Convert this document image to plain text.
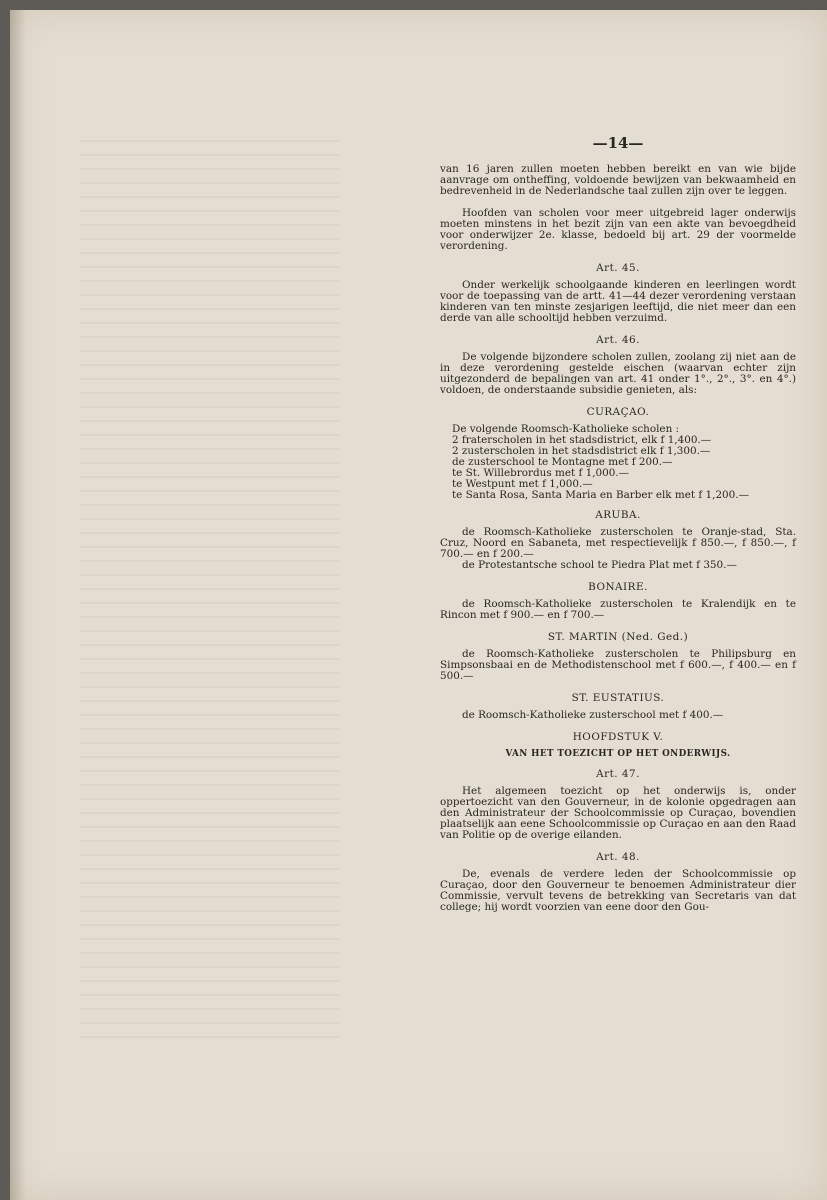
—14—

van 16 jaren zullen moeten hebben bereikt en van wie bijde aanvrage om ontheffing, voldoende bewijzen van bekwaamheid en bedrevenheid in de Nederlandsche taal zullen zijn over te leggen.

Hoofden van scholen voor meer uitgebreid lager onderwijs moeten minstens in het bezit zijn van een akte van bevoegdheid voor onderwijzer 2e. klasse, bedoeld bij art. 29 der voormelde verordening.

Art. 45.

Onder werkelijk schoolgaande kinderen en leerlingen wordt voor de toepassing van de artt. 41—44 dezer verordening verstaan kinderen van ten minste zesjarigen leeftijd, die niet meer dan een derde van alle schooltijd hebben verzuimd.

Art. 46.

De volgende bijzondere scholen zullen, zoolang zij niet aan de in deze verordening gestelde eischen (waarvan echter zijn uitgezonderd de bepalingen van art. 41 onder 1°., 2°., 3°. en 4°.) voldoen, de onderstaande subsidie genieten, als:

CURAÇAO.
De volgende Roomsch-Katholieke scholen :
2 fraterscholen in het stadsdistrict, elk f 1,400.—
2 zusterscholen in het stadsdistrict elk f 1,300.—
de zusterschool te Montagne met f 200.—
te St. Willebrordus met f 1,000.—
te Westpunt met f 1,000.—
te Santa Rosa, Santa Maria en Barber elk met f 1,200.—
ARUBA.

de Roomsch-Katholieke zusterscholen te Oranje-stad, Sta. Cruz, Noord en Sabaneta, met respectievelijk f 850.—, f 850.—, f 700.— en f 200.—

de Protestantsche school te Piedra Plat met f 350.—

BONAIRE.

de Roomsch-Katholieke zusterscholen te Kralendijk en te Rincon met f 900.— en f 700.—

ST. MARTIN (Ned. Ged.)

de Roomsch-Katholieke zusterscholen te Philipsburg en Simpsonsbaai en de Methodistenschool met f 600.—, f 400.— en f 500.—

ST. EUSTATIUS.

de Roomsch-Katholieke zusterschool met f 400.—

HOOFDSTUK V.
VAN HET TOEZICHT OP HET ONDERWIJS.
Art. 47.

Het algemeen toezicht op het onderwijs is, onder oppertoezicht van den Gouverneur, in de kolonie opgedragen aan den Administrateur der Schoolcommissie op Curaçao, bovendien plaatselijk aan eene Schoolcommissie op Curaçao en aan den Raad van Politie op de overige eilanden.

Art. 48.

De, evenals de verdere leden der Schoolcommissie op Curaçao, door den Gouverneur te benoemen Administrateur dier Commissie, vervult tevens de betrekking van Secretaris van dat college; hij wordt voorzien van eene door den Gou-
